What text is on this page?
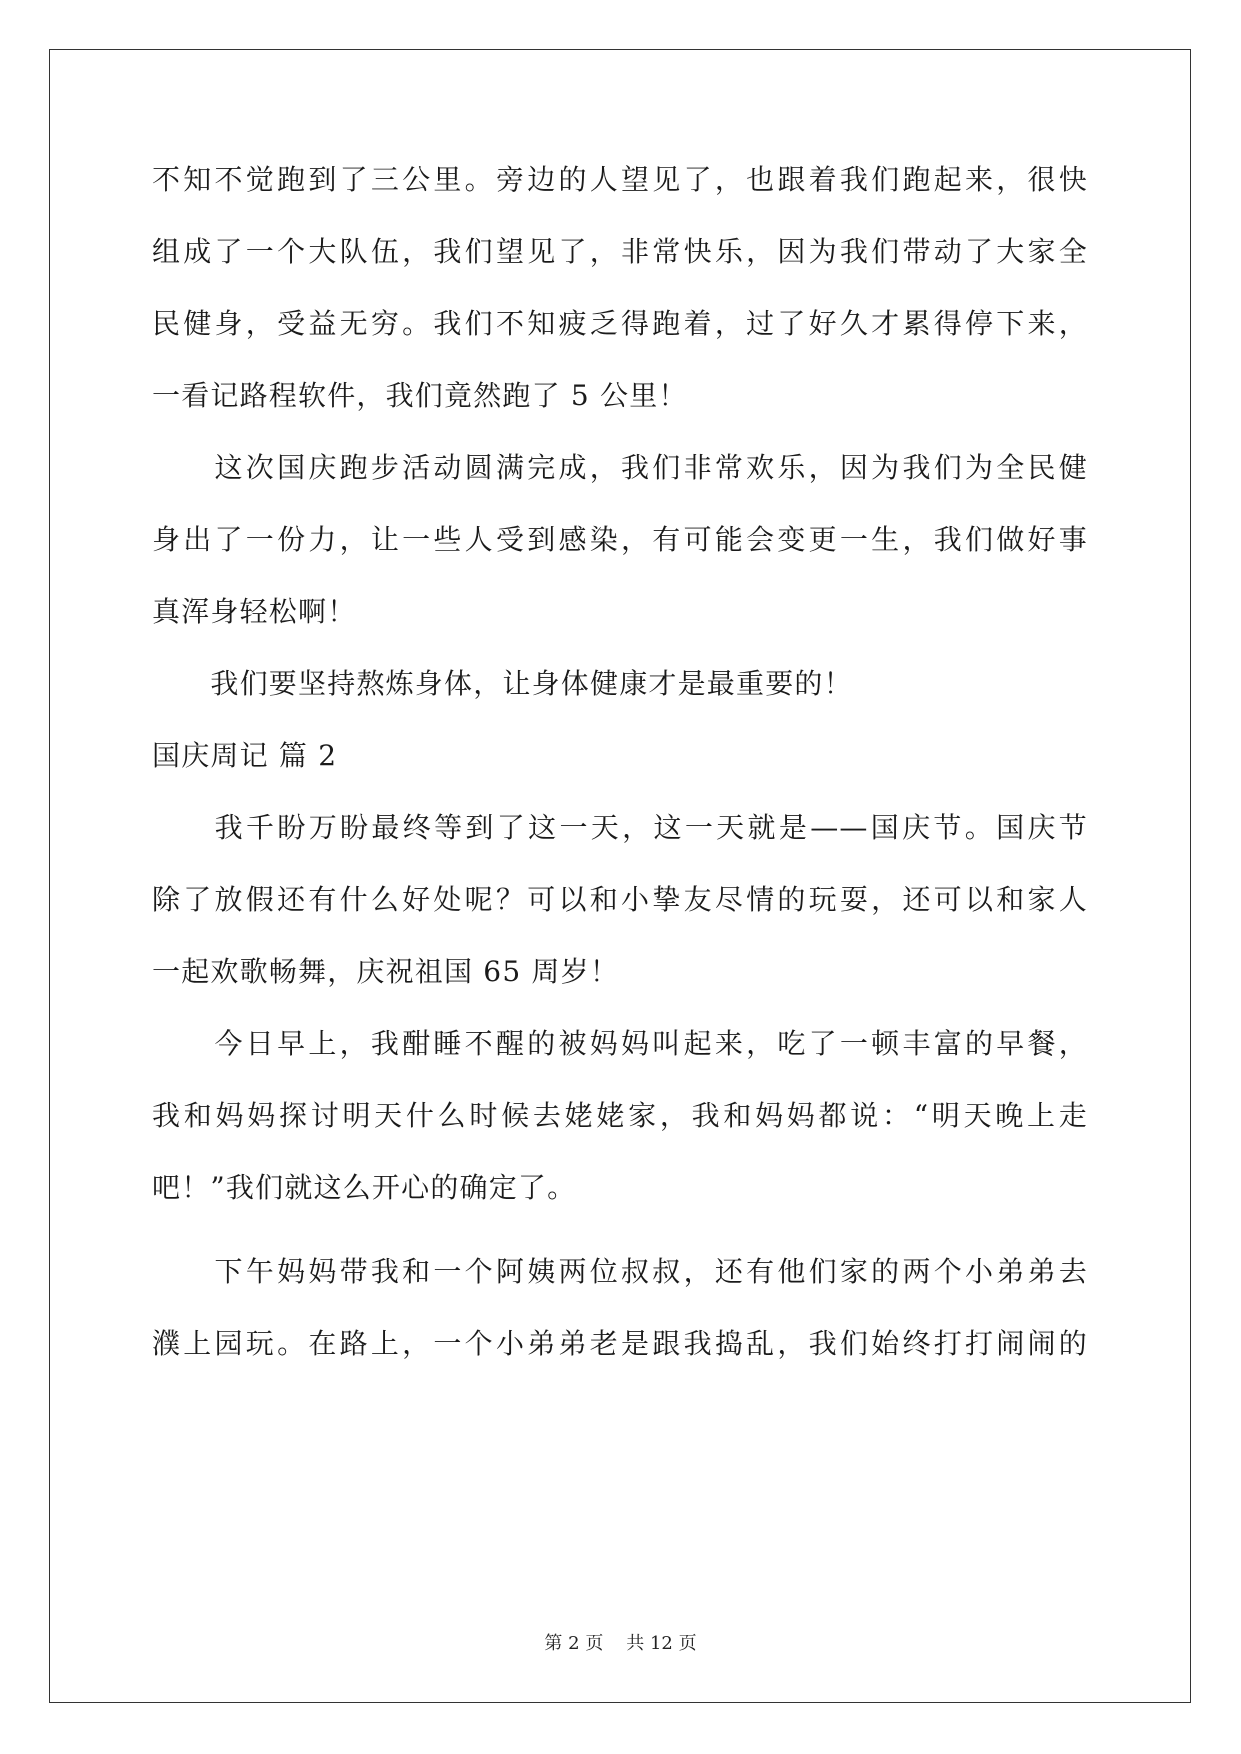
不知不觉跑到了三公里。旁边的人望见了，也跟着我们跑起来，很快
组成了一个大队伍，我们望见了，非常快乐，因为我们带动了大家全
民健身，受益无穷。我们不知疲乏得跑着，过了好久才累得停下来，
一看记路程软件，我们竟然跑了 5 公里！
　　这次国庆跑步活动圆满完成，我们非常欢乐，因为我们为全民健
身出了一份力，让一些人受到感染，有可能会变更一生，我们做好事
真浑身轻松啊！
　　我们要坚持熬炼身体，让身体健康才是最重要的！
国庆周记 篇 2
　　我千盼万盼最终等到了这一天，这一天就是——国庆节。国庆节
除了放假还有什么好处呢？可以和小挚友尽情的玩耍，还可以和家人
一起欢歌畅舞，庆祝祖国 65 周岁！
　　今日早上，我酣睡不醒的被妈妈叫起来，吃了一顿丰富的早餐，
我和妈妈探讨明天什么时候去姥姥家，我和妈妈都说：“明天晚上走
吧！”我们就这么开心的确定了。
　　下午妈妈带我和一个阿姨两位叔叔，还有他们家的两个小弟弟去
濮上园玩。在路上，一个小弟弟老是跟我捣乱，我们始终打打闹闹的
第 2 页 共 12 页
